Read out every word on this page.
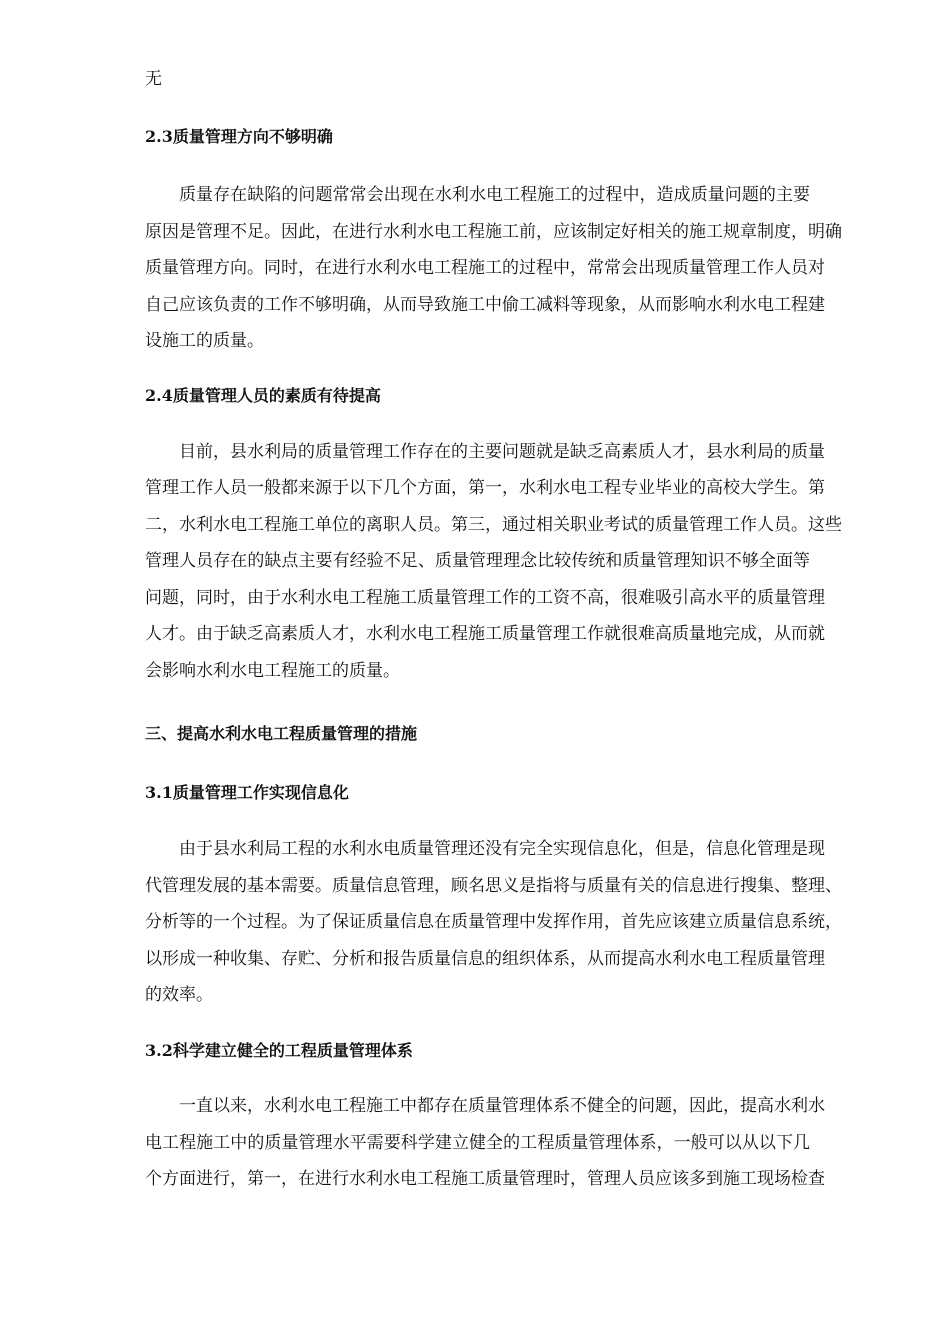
无
2.3质量管理方向不够明确
质量存在缺陷的问题常常会出现在水利水电工程施工的过程中，造成质量问题的主要
原因是管理不足。因此，在进行水利水电工程施工前，应该制定好相关的施工规章制度，明确
质量管理方向。同时，在进行水利水电工程施工的过程中，常常会出现质量管理工作人员对
自己应该负责的工作不够明确，从而导致施工中偷工减料等现象，从而影响水利水电工程建
设施工的质量。
2.4质量管理人员的素质有待提高
目前，县水利局的质量管理工作存在的主要问题就是缺乏高素质人才，县水利局的质量
管理工作人员一般都来源于以下几个方面，第一，水利水电工程专业毕业的高校大学生。第
二，水利水电工程施工单位的离职人员。第三，通过相关职业考试的质量管理工作人员。这些
管理人员存在的缺点主要有经验不足、质量管理理念比较传统和质量管理知识不够全面等
问题，同时，由于水利水电工程施工质量管理工作的工资不高，很难吸引高水平的质量管理
人才。由于缺乏高素质人才，水利水电工程施工质量管理工作就很难高质量地完成，从而就
会影响水利水电工程施工的质量。
三、提高水利水电工程质量管理的措施
3.1质量管理工作实现信息化
由于县水利局工程的水利水电质量管理还没有完全实现信息化，但是，信息化管理是现
代管理发展的基本需要。质量信息管理，顾名思义是指将与质量有关的信息进行搜集、整理、
分析等的一个过程。为了保证质量信息在质量管理中发挥作用，首先应该建立质量信息系统，
以形成一种收集、存贮、分析和报告质量信息的组织体系，从而提高水利水电工程质量管理
的效率。
3.2科学建立健全的工程质量管理体系
一直以来，水利水电工程施工中都存在质量管理体系不健全的问题，因此，提高水利水
电工程施工中的质量管理水平需要科学建立健全的工程质量管理体系，一般可以从以下几
个方面进行，第一，在进行水利水电工程施工质量管理时，管理人员应该多到施工现场检查
